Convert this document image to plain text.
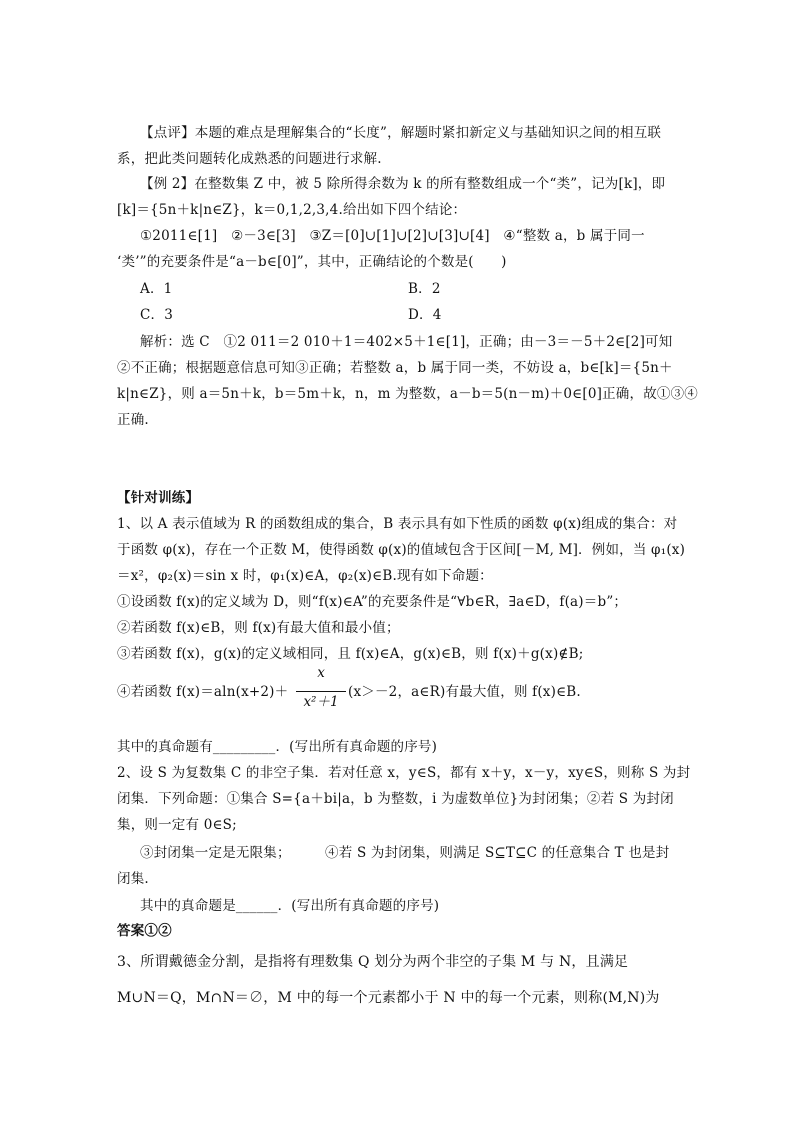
【点评】本题的难点是理解集合的“长度”，解题时紧扣新定义与基础知识之间的相互联
系，把此类问题转化成熟悉的问题进行求解.
【例 2】在整数集 Z 中，被 5 除所得余数为 k 的所有整数组成一个“类”，记为[k]，即
[k]＝{5n＋k|n∈Z}，k＝0,1,2,3,4.给出如下四个结论：
①2011∈[1]　②－3∈[3]　③Z＝[0]∪[1]∪[2]∪[3]∪[4]　④“整数 a，b 属于同一
‘类’”的充要条件是“a－b∈[0]”，其中，正确结论的个数是(　　)
A．1	B．2
C．3	D．4
解析：选 C　①2 011＝2 010＋1＝402×5＋1∈[1]，正确；由－3＝－5＋2∈[2]可知
②不正确；根据题意信息可知③正确；若整数 a，b 属于同一类，不妨设 a，b∈[k]＝{5n＋
k|n∈Z}，则 a＝5n＋k，b＝5m＋k，n，m 为整数，a－b＝5(n－m)＋0∈[0]正确，故①③④
正确.
【针对训练】
1、以 A 表示值域为 R 的函数组成的集合，B 表示具有如下性质的函数 φ(x)组成的集合：对
于函数 φ(x)，存在一个正数 M，使得函数 φ(x)的值域包含于区间[－M, M]．例如，当 φ₁(x)
＝x²，φ₂(x)＝sin x 时，φ₁(x)∈A，φ₂(x)∈B.现有如下命题：
①设函数 f(x)的定义域为 D，则“f(x)∈A”的充要条件是“∀b∈R，∃a∈D，f(a)＝b”；
②若函数 f(x)∈B，则 f(x)有最大值和最小值；
③若函数 f(x)，g(x)的定义域相同，且 f(x)∈A，g(x)∈B，则 f(x)＋g(x)∉B;
④若函数 f(x)＝aln(x+2)＋
x
x²＋1
(x＞－2，a∈R)有最大值，则 f(x)∈B.
其中的真命题有_________．(写出所有真命题的序号)
2、设 S 为复数集 C 的非空子集．若对任意 x，y∈S，都有 x＋y，x－y，xy∈S，则称 S 为封
闭集．下列命题：①集合 S={a＋bi|a，b 为整数，i 为虚数单位}为封闭集；②若 S 为封闭
集，则一定有 0∈S;
③封闭集一定是无限集；　　　④若 S 为封闭集，则满足 S⊆T⊆C 的任意集合 T 也是封
闭集.
其中的真命题是______．(写出所有真命题的序号)
答案①②
3、所谓戴德金分割，是指将有理数集 Q 划分为两个非空的子集 M 与 N，且满足
M∪N＝Q，M∩N＝∅，M 中的每一个元素都小于 N 中的每一个元素，则称(M,N)为
